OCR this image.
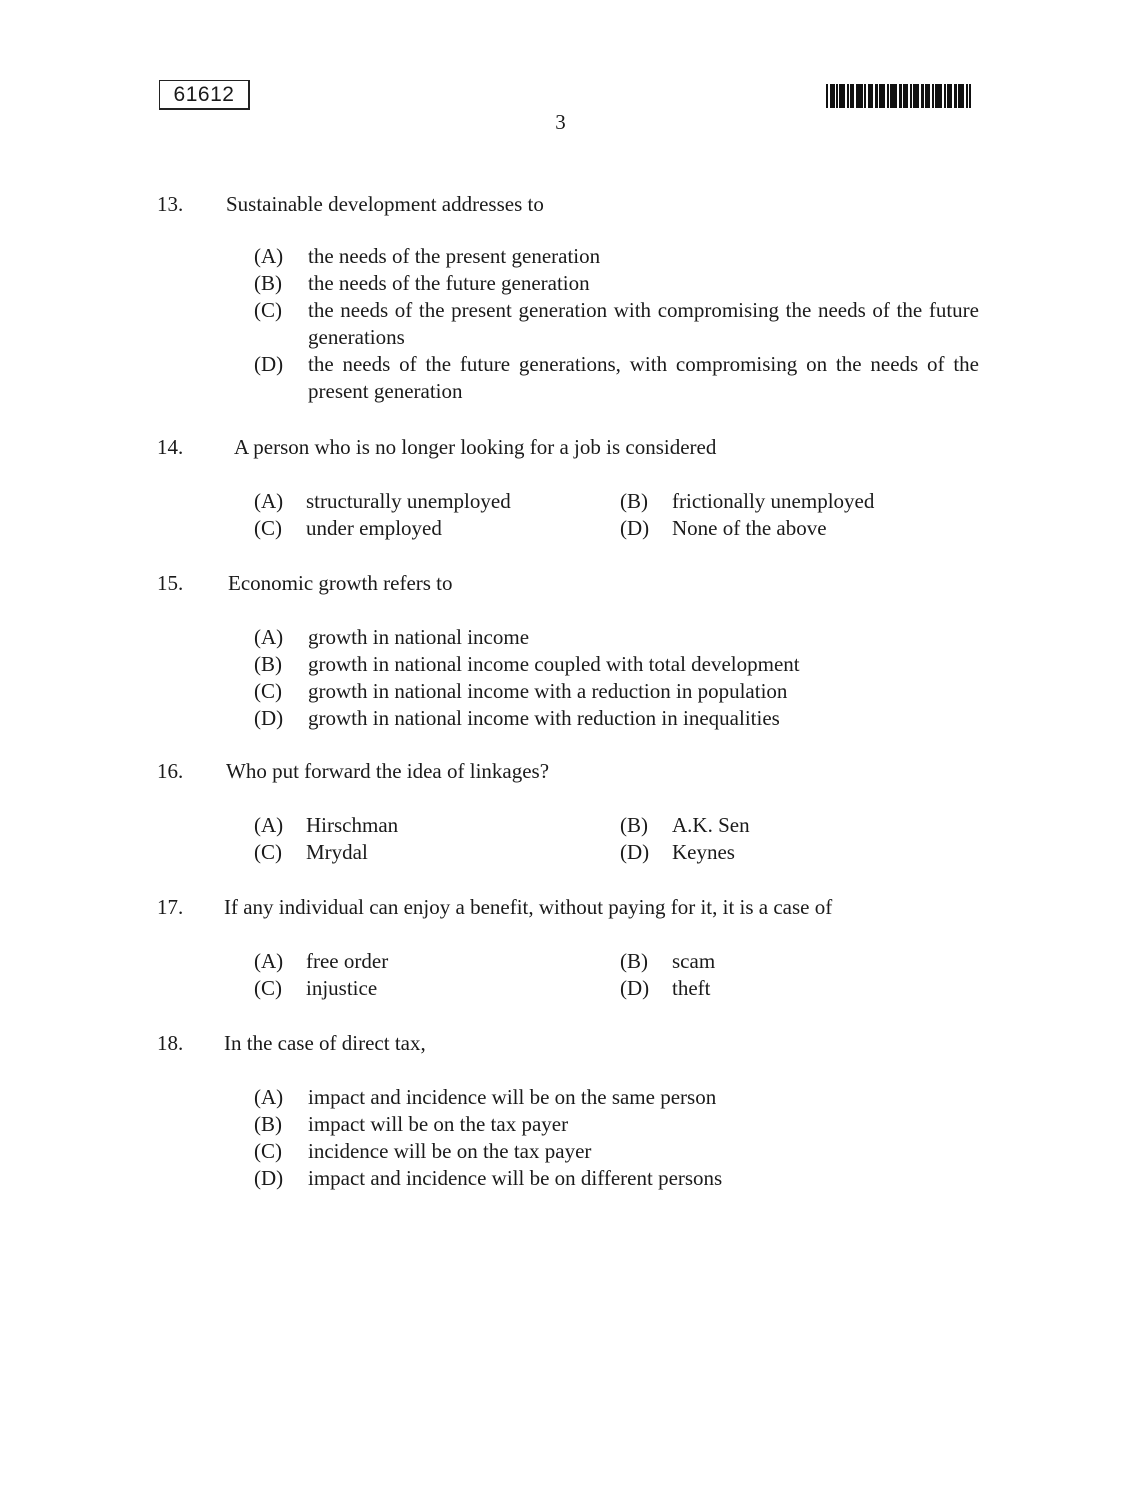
61612
3
13. Sustainable development addresses to
(A)	the needs of the present generation
(B)	the needs of the future generation
(C)	the needs of the present generation with compromising the needs of the future generations
(D)	the needs of the future generations, with compromising on the needs of the present generation
14. A person who is no longer looking for a job is considered
(A) structurally unemployed	(B) frictionally unemployed
(C) under employed	(D) None of the above
15. Economic growth refers to
(A)	growth in national income
(B)	growth in national income coupled with total development
(C)	growth in national income with a reduction in population
(D)	growth in national income with reduction in inequalities
16. Who put forward the idea of linkages?
(A) Hirschman	(B) A.K. Sen
(C) Mrydal	(D) Keynes
17. If any individual can enjoy a benefit, without paying for it, it is a case of
(A) free order	(B) scam
(C) injustice	(D) theft
18. In the case of direct tax,
(A)	impact and incidence will be on the same person
(B)	impact will be on the tax payer
(C)	incidence will be on the tax payer
(D)	impact and incidence will be on different persons
